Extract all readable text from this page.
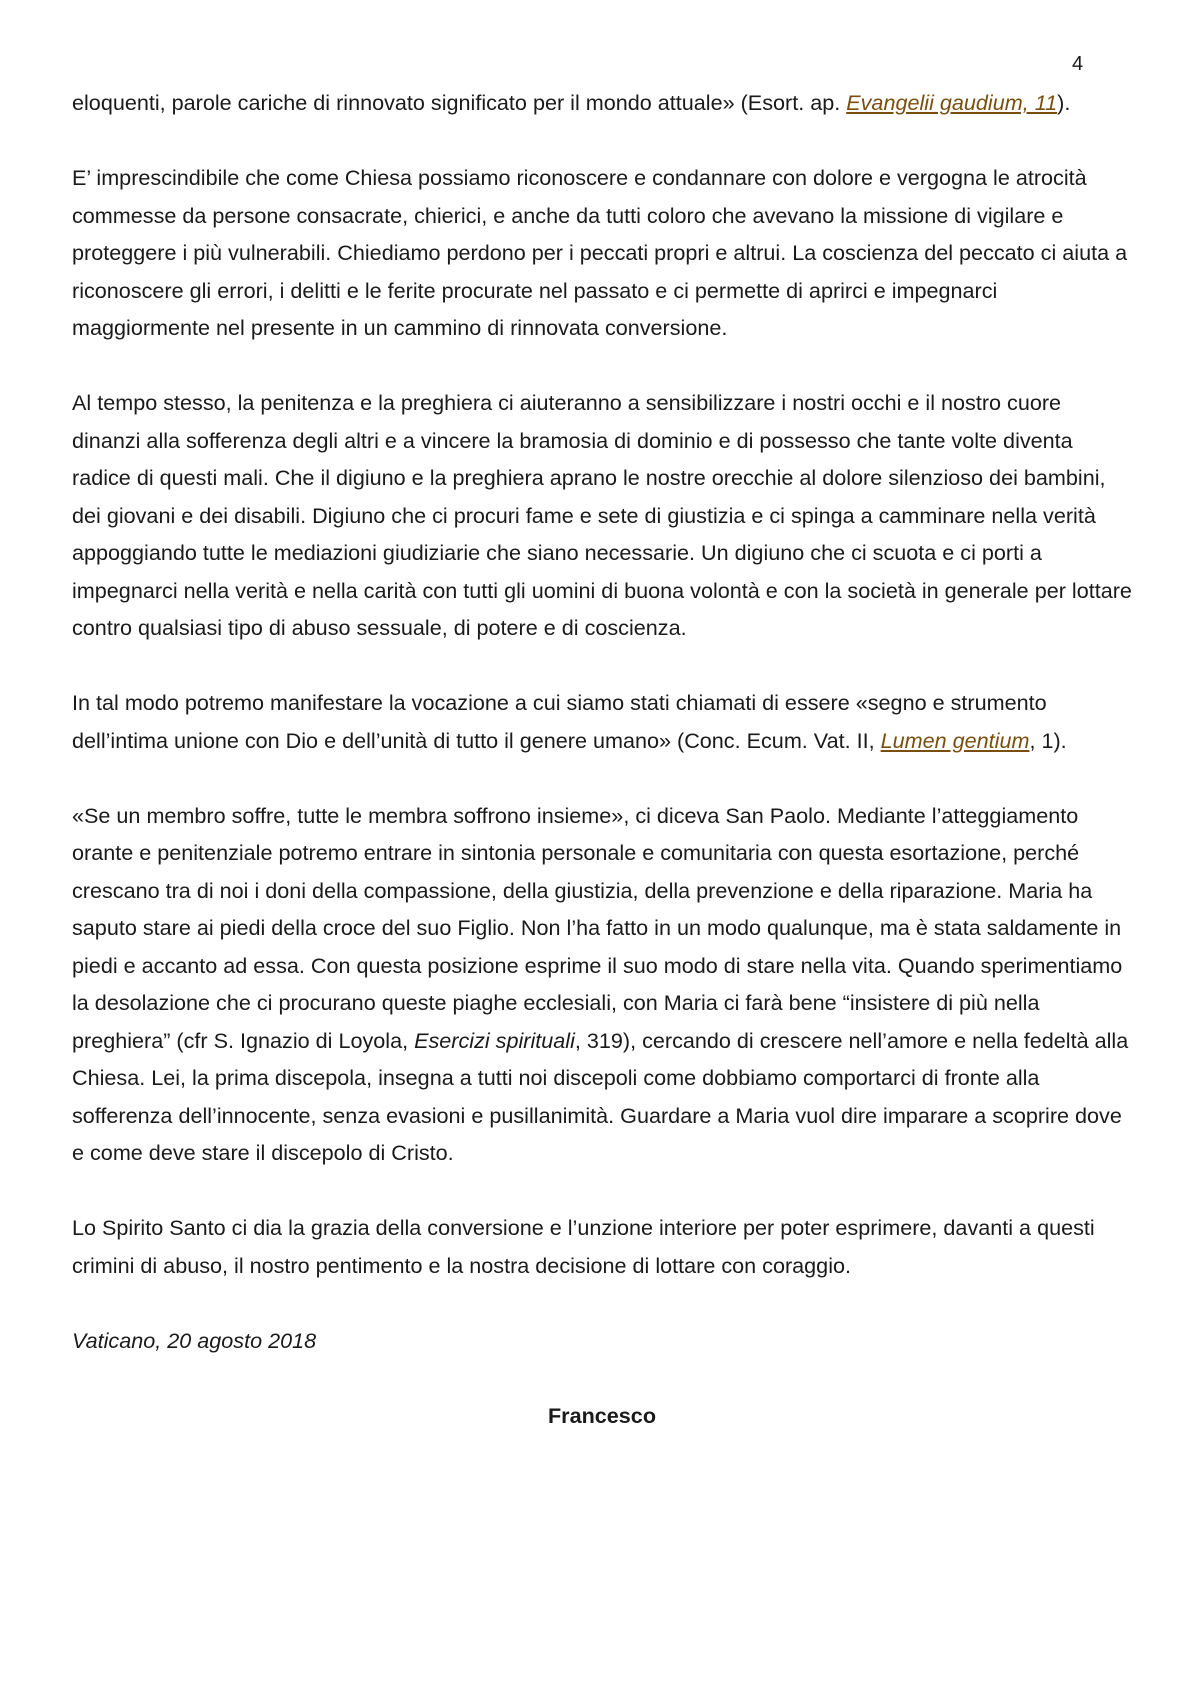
4

eloquenti, parole cariche di rinnovato significato per il mondo attuale» (Esort. ap. Evangelii gaudium, 11).

E’ imprescindibile che come Chiesa possiamo riconoscere e condannare con dolore e vergogna le atrocità commesse da persone consacrate, chierici, e anche da tutti coloro che avevano la missione di vigilare e proteggere i più vulnerabili. Chiediamo perdono per i peccati propri e altrui. La coscienza del peccato ci aiuta a riconoscere gli errori, i delitti e le ferite procurate nel passato e ci permette di aprirci e impegnarci maggiormente nel presente in un cammino di rinnovata conversione.

Al tempo stesso, la penitenza e la preghiera ci aiuteranno a sensibilizzare i nostri occhi e il nostro cuore dinanzi alla sofferenza degli altri e a vincere la bramosia di dominio e di possesso che tante volte diventa radice di questi mali. Che il digiuno e la preghiera aprano le nostre orecchie al dolore silenzioso dei bambini, dei giovani e dei disabili. Digiuno che ci procuri fame e sete di giustizia e ci spinga a camminare nella verità appoggiando tutte le mediazioni giudiziarie che siano necessarie. Un digiuno che ci scuota e ci porti a impegnarci nella verità e nella carità con tutti gli uomini di buona volontà e con la società in generale per lottare contro qualsiasi tipo di abuso sessuale, di potere e di coscienza.

In tal modo potremo manifestare la vocazione a cui siamo stati chiamati di essere «segno e strumento dell’intima unione con Dio e dell’unità di tutto il genere umano» (Conc. Ecum. Vat. II, Lumen gentium, 1).

«Se un membro soffre, tutte le membra soffrono insieme», ci diceva San Paolo. Mediante l’atteggiamento orante e penitenziale potremo entrare in sintonia personale e comunitaria con questa esortazione, perché crescano tra di noi i doni della compassione, della giustizia, della prevenzione e della riparazione. Maria ha saputo stare ai piedi della croce del suo Figlio. Non l’ha fatto in un modo qualunque, ma è stata saldamente in piedi e accanto ad essa. Con questa posizione esprime il suo modo di stare nella vita. Quando sperimentiamo la desolazione che ci procurano queste piaghe ecclesiali, con Maria ci farà bene “insistere di più nella preghiera” (cfr S. Ignazio di Loyola, Esercizi spirituali, 319), cercando di crescere nell’amore e nella fedeltà alla Chiesa. Lei, la prima discepola, insegna a tutti noi discepoli come dobbiamo comportarci di fronte alla sofferenza dell’innocente, senza evasioni e pusillanimità. Guardare a Maria vuol dire imparare a scoprire dove e come deve stare il discepolo di Cristo.

Lo Spirito Santo ci dia la grazia della conversione e l’unzione interiore per poter esprimere, davanti a questi crimini di abuso, il nostro pentimento e la nostra decisione di lottare con coraggio.

Vaticano, 20 agosto 2018

Francesco
